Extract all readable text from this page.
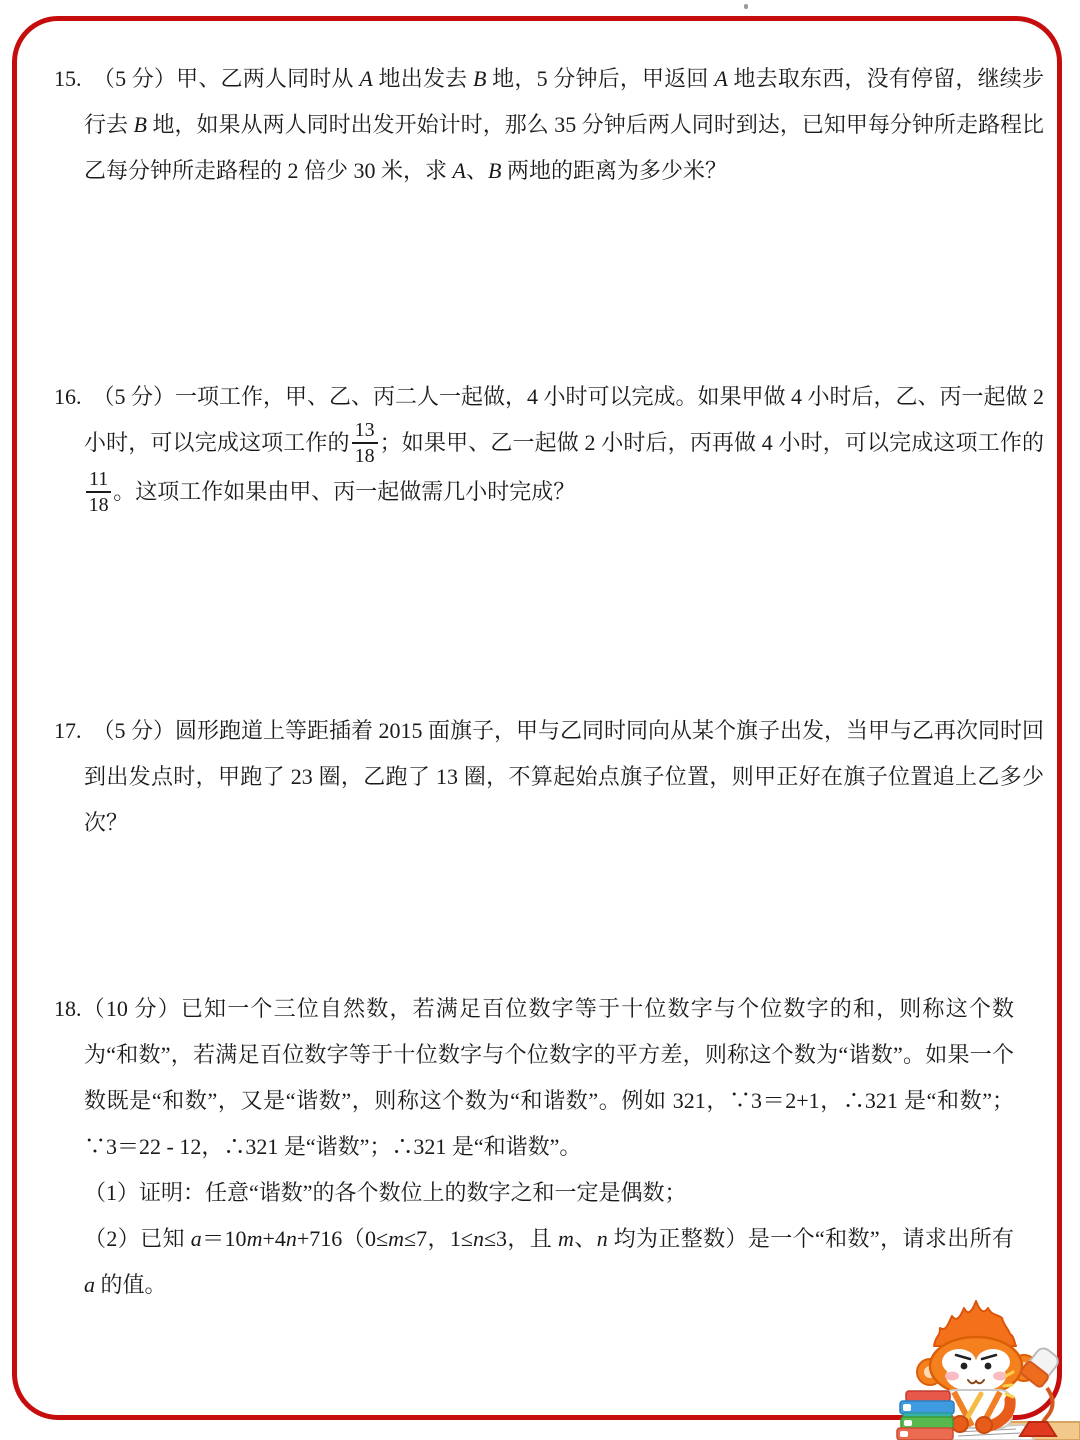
15.  （5 分）甲、乙两人同时从 A 地出发去 B 地，5 分钟后，甲返回 A 地去取东西，没有停留，继续步行去 B 地，如果从两人同时出发开始计时，那么 35 分钟后两人同时到达，已知甲每分钟所走路程比乙每分钟所走路程的 2 倍少 30 米，求 A、B 两地的距离为多少米？
16.  （5 分）一项工作，甲、乙、丙二人一起做，4 小时可以完成。如果甲做 4 小时后，乙、丙一起做 2 小时，可以完成这项工作的 $\frac{13}{18}$ ；如果甲、乙一起做 2 小时后，丙再做 4 小时，可以完成这项工作的
$\frac{11}{18}$ 。这项工作如果由甲、丙一起做需几小时完成？
17.  （5 分）圆形跑道上等距插着 2015 面旗子，甲与乙同时同向从某个旗子出发，当甲与乙再次同时回到出发点时，甲跑了 23 圈，乙跑了 13 圈，不算起始点旗子位置，则甲正好在旗子位置追上乙多少次？
18.（10 分）已知一个三位自然数，若满足百位数字等于十位数字与个位数字的和，则称这个数为“和数”，若满足百位数字等于十位数字与个位数字的平方差，则称这个数为“谐数”。如果一个数既是“和数”，又是“谐数”，则称这个数为“和谐数”。例如 321，∵3＝2+1，∴321 是“和数”；∵3＝22 - 12，∴321 是“谐数”；∴321 是“和谐数”。
（1）证明：任意“谐数”的各个数位上的数字之和一定是偶数；
（2）已知 a＝10m+4n+716（0≤m≤7，1≤n≤3，且 m、n 均为正整数）是一个“和数”，请求出所有 a 的值。
